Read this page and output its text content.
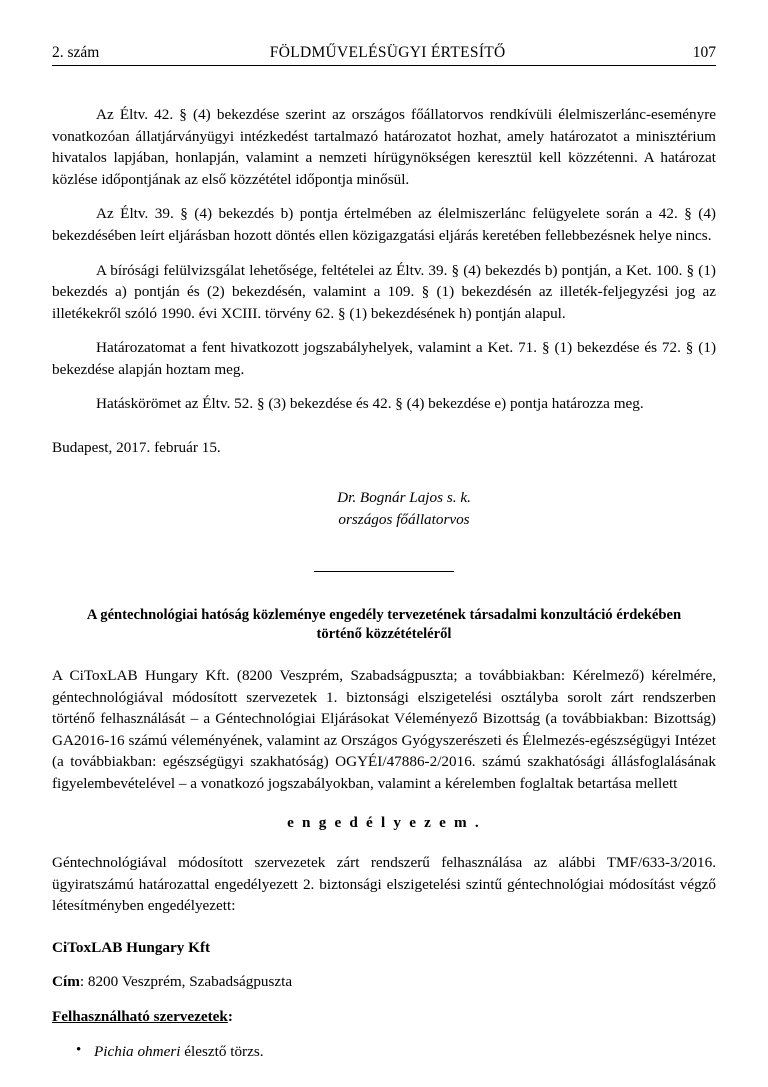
2. szám	FÖLDMŰVELÉSÜGYI ÉRTESÍTŐ	107

Az Éltv. 42. § (4) bekezdése szerint az országos főállatorvos rendkívüli élelmiszerlánc-eseményre vonatkozóan állatjárványügyi intézkedést tartalmazó határozatot hozhat, amely határozatot a minisztérium hivatalos lapjában, honlapján, valamint a nemzeti hírügynökségen keresztül kell közzétenni. A határozat közlése időpontjának az első közzététel időpontja minősül.

Az Éltv. 39. § (4) bekezdés b) pontja értelmében az élelmiszerlánc felügyelete során a 42. § (4) bekezdésében leírt eljárásban hozott döntés ellen közigazgatási eljárás keretében fellebbezésnek helye nincs.

A bírósági felülvizsgálat lehetősége, feltételei az Éltv. 39. § (4) bekezdés b) pontján, a Ket. 100. § (1) bekezdés a) pontján és (2) bekezdésén, valamint a 109. § (1) bekezdésén az illeték-feljegyzési jog az illetékekről szóló 1990. évi XCIII. törvény 62. § (1) bekezdésének h) pontján alapul.

Határozatomat a fent hivatkozott jogszabályhelyek, valamint a Ket. 71. § (1) bekezdése és 72. § (1) bekezdése alapján hoztam meg.

Hatáskörömet az Éltv. 52. § (3) bekezdése és 42. § (4) bekezdése e) pontja határozza meg.

Budapest, 2017. február 15.

Dr. Bognár Lajos s. k.
országos főállatorvos
A géntechnológiai hatóság közleménye engedély tervezetének társadalmi konzultáció érdekében történő közzétételéről

A CiToxLAB Hungary Kft. (8200 Veszprém, Szabadságpuszta; a továbbiakban: Kérelmező) kérelmére, géntechnológiával módosított szervezetek 1. biztonsági elszigetelési osztályba sorolt zárt rendszerben történő felhasználását – a Géntechnológiai Eljárásokat Véleményező Bizottság (a továbbiakban: Bizottság) GA2016-16 számú véleményének, valamint az Országos Gyógyszerészeti és Élelmezés-egészségügyi Intézet (a továbbiakban: egészségügyi szakhatóság) OGYÉI/47886-2/2016. számú szakhatósági állásfoglalásának figyelembevételével – a vonatkozó jogszabályokban, valamint a kérelemben foglaltak betartása mellett

e n g e d é l y e z e m .

Géntechnológiával módosított szervezetek zárt rendszerű felhasználása az alábbi TMF/633-3/2016. ügyiratszámú határozattal engedélyezett 2. biztonsági elszigetelési szintű géntechnológiai módosítást végző létesítményben engedélyezett:

CiToxLAB Hungary Kft
Cím: 8200 Veszprém, Szabadságpuszta
Felhasználható szervezetek:
• Pichia ohmeri élesztő törzs.
